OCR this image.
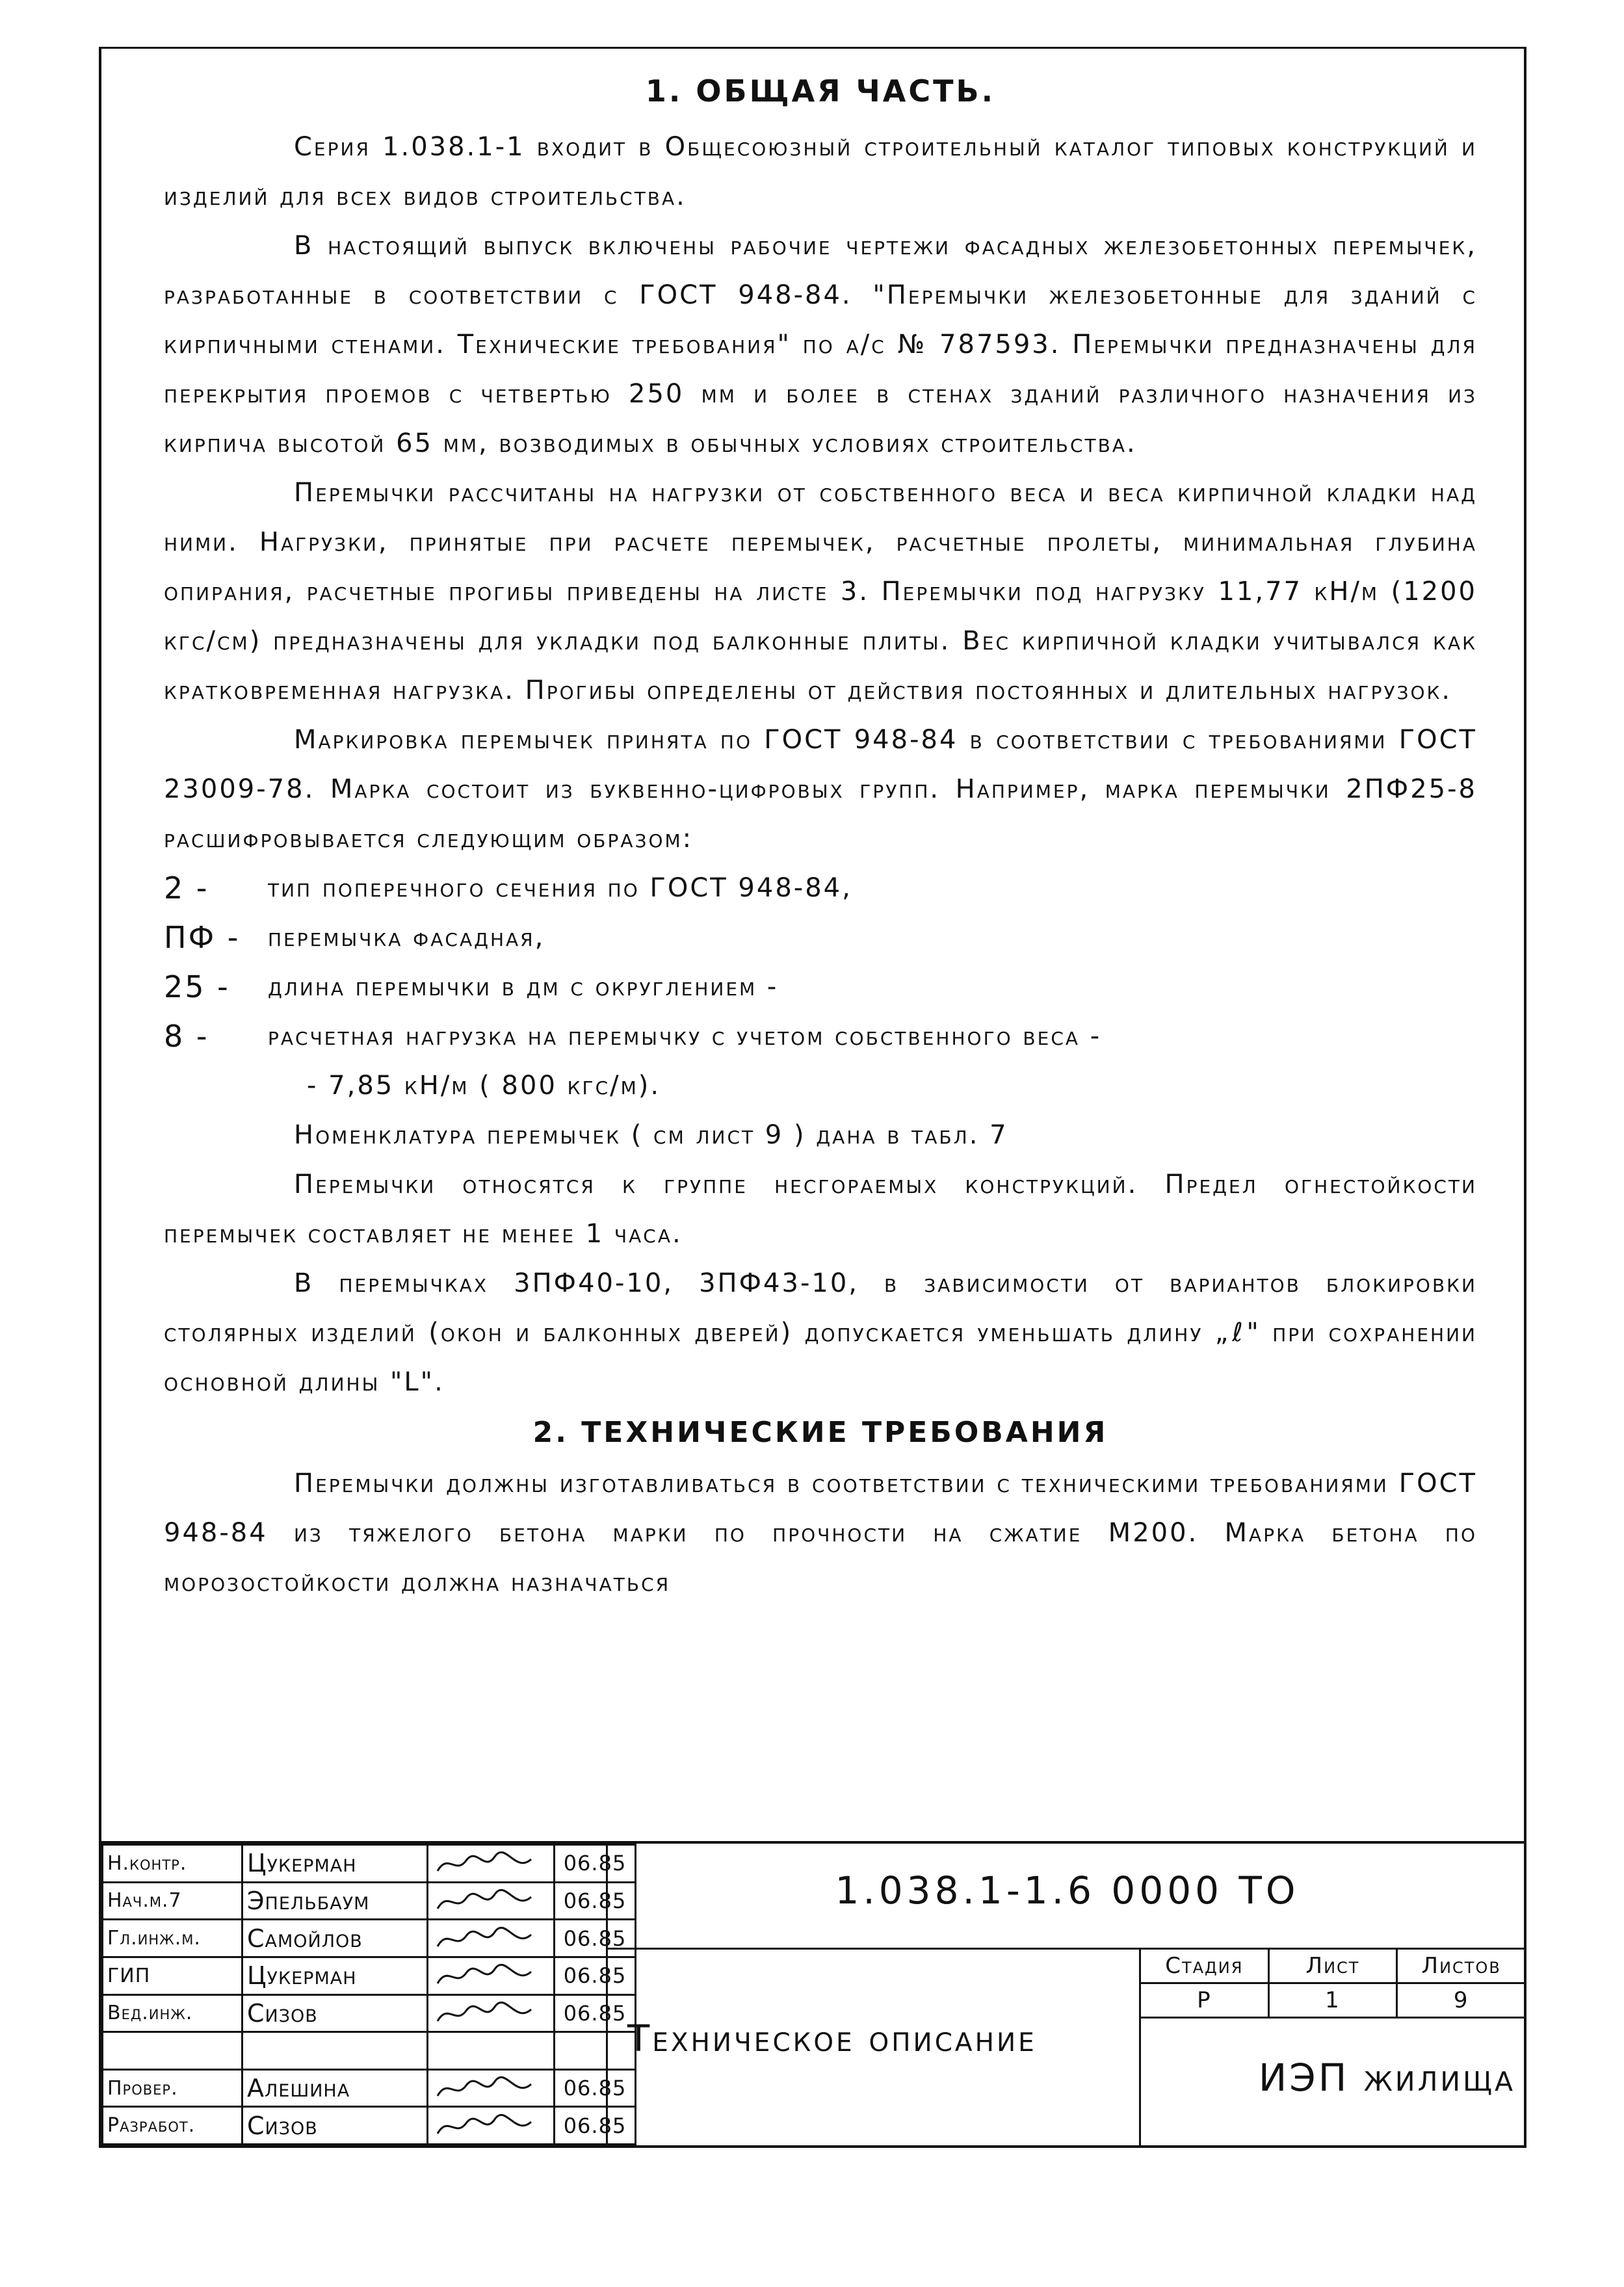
1. ОБЩАЯ ЧАСТЬ.

Серия 1.038.1-1 входит в Общесоюзный строительный каталог типовых конструкций и изделий для всех видов строительства.

В настоящий выпуск включены рабочие чертежи фасадных железобетонных перемычек, разработанные в соответствии с ГОСТ 948-84. "Перемычки железобетонные для зданий с кирпичными стенами. Технические требования" по а/с № 787593. Перемычки предназначены для перекрытия проемов с четвертью 250 мм и более в стенах зданий различного назначения из кирпича высотой 65 мм, возводимых в обычных условиях строительства.

Перемычки рассчитаны на нагрузки от собственного веса и веса кирпичной кладки над ними. Нагрузки, принятые при расчете перемычек, расчетные пролеты, минимальная глубина опирания, расчетные прогибы приведены на листе 3. Перемычки под нагрузку 11,77 кН/м (1200 кгс/см) предназначены для укладки под балконные плиты. Вес кирпичной кладки учитывался как кратковременная нагрузка. Прогибы определены от действия постоянных и длительных нагрузок.

Маркировка перемычек принята по ГОСТ 948-84 в соответствии с требованиями ГОСТ 23009-78. Марка состоит из буквенно-цифровых групп. Например, марка перемычки 2ПФ25-8 расшифровывается следующим образом:

2 -	тип поперечного сечения по ГОСТ 948-84,
ПФ -	перемычка фасадная,
25 -	длина перемычки в дм с округлением -
8 -	расчетная нагрузка на перемычку с учетом собственного веса -

- 7,85 кН/м ( 800 кгс/м).

Номенклатура перемычек ( см лист 9 ) дана в табл. 7

Перемычки относятся к группе несгораемых конструкций. Предел огнестойкости перемычек составляет не менее 1 часа.

В перемычках 3ПФ40-10, 3ПФ43-10, в зависимости от вариантов блокировки столярных изделий (окон и балконных дверей) допускается уменьшать длину „ℓ" при сохранении основной длины "L".

2. ТЕХНИЧЕСКИЕ ТРЕБОВАНИЯ

Перемычки должны изготавливаться в соответствии с техническими требованиями ГОСТ 948-84 из тяжелого бетона марки по прочности на сжатие М200. Марка бетона по морозостойкости должна назначаться

Н.контр.	Цукерман		06.85
Нач.м.7	Эпельбаум		06.85
Гл.инж.м.	Самойлов		06.85
ГИП	Цукерман		06.85
Вед.инж.	Сизов		06.85

Провер.	Алешина		06.85
Разработ.	Сизов		06.85
1.038.1-1.6 0000 ТО
Техническое описание
Стадия	Лист	Листов
Р	1	9
ИЭП жилища
